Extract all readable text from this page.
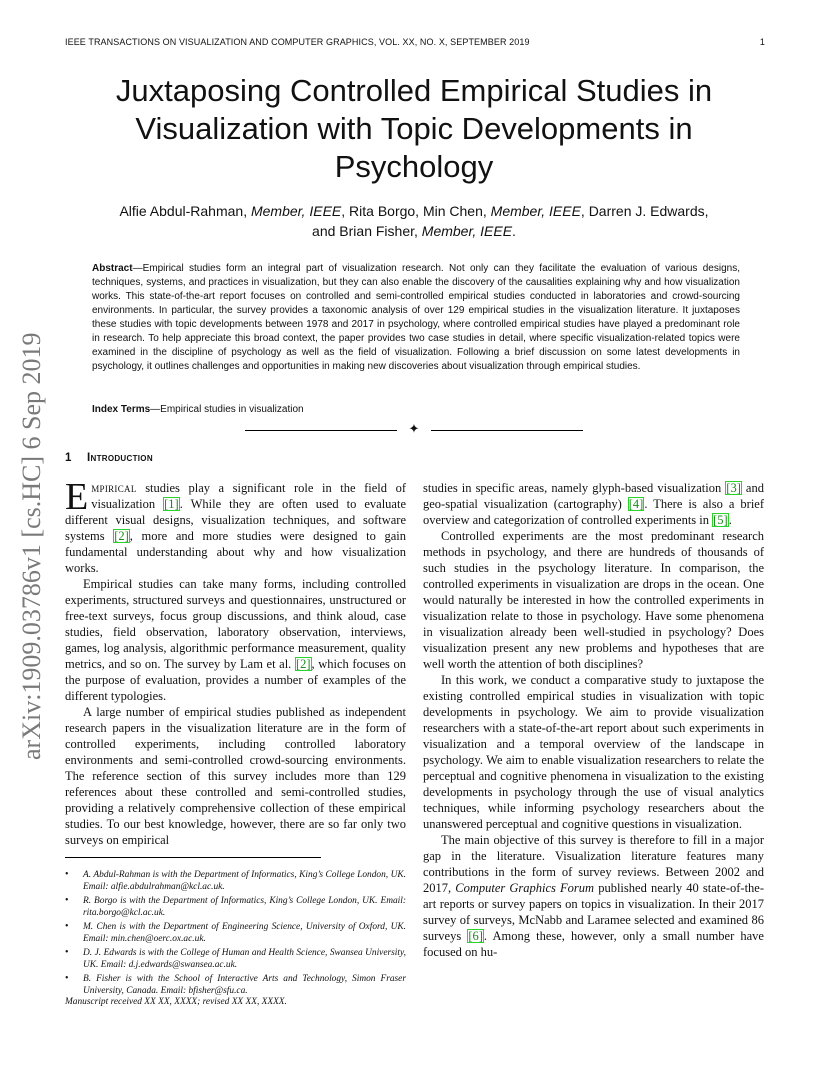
IEEE TRANSACTIONS ON VISUALIZATION AND COMPUTER GRAPHICS, VOL. XX, NO. X, SEPTEMBER 2019	1
arXiv:1909.03786v1 [cs.HC] 6 Sep 2019
Juxtaposing Controlled Empirical Studies in Visualization with Topic Developments in Psychology
Alfie Abdul-Rahman, Member, IEEE, Rita Borgo, Min Chen, Member, IEEE, Darren J. Edwards,
and Brian Fisher, Member, IEEE.

Abstract—Empirical studies form an integral part of visualization research. Not only can they facilitate the evaluation of various designs, techniques, systems, and practices in visualization, but they can also enable the discovery of the causalities explaining why and how visualization works. This state-of-the-art report focuses on controlled and semi-controlled empirical studies conducted in laboratories and crowd-sourcing environments. In particular, the survey provides a taxonomic analysis of over 129 empirical studies in the visualization literature. It juxtaposes these studies with topic developments between 1978 and 2017 in psychology, where controlled empirical studies have played a predominant role in research. To help appreciate this broad context, the paper provides two case studies in detail, where specific visualization-related topics were examined in the discipline of psychology as well as the field of visualization. Following a brief discussion on some latest developments in psychology, it outlines challenges and opportunities in making new discoveries about visualization through empirical studies.

Index Terms—Empirical studies in visualization

✦
1 Introduction

Empirical studies play a significant role in the field of visualization [1]. While they are often used to evaluate different visual designs, visualization techniques, and software systems [2], more and more studies were designed to gain fundamental understanding about why and how visualization works.

Empirical studies can take many forms, including controlled experiments, structured surveys and questionnaires, unstructured or free-text surveys, focus group discussions, and think aloud, case studies, field observation, laboratory observation, interviews, games, log analysis, algorithmic performance measurement, quality metrics, and so on. The survey by Lam et al. [2], which focuses on the purpose of evaluation, provides a number of examples of the different typologies.

A large number of empirical studies published as independent research papers in the visualization literature are in the form of controlled experiments, including controlled laboratory environments and semi-controlled crowd-sourcing environments. The reference section of this survey includes more than 129 references about these controlled and semi-controlled studies, providing a relatively comprehensive collection of these empirical studies. To our best knowledge, however, there are so far only two surveys on empirical

studies in specific areas, namely glyph-based visualization [3] and geo-spatial visualization (cartography) [4]. There is also a brief overview and categorization of controlled experiments in [5].

Controlled experiments are the most predominant research methods in psychology, and there are hundreds of thousands of such studies in the psychology literature. In comparison, the controlled experiments in visualization are drops in the ocean. One would naturally be interested in how the controlled experiments in visualization relate to those in psychology. Have some phenomena in visualization already been well-studied in psychology? Does visualization present any new problems and hypotheses that are well worth the attention of both disciplines?

In this work, we conduct a comparative study to juxtapose the existing controlled empirical studies in visualization with topic developments in psychology. We aim to provide visualization researchers with a state-of-the-art report about such experiments in visualization and a temporal overview of the landscape in psychology. We aim to enable visualization researchers to relate the perceptual and cognitive phenomena in visualization to the existing developments in psychology through the use of visual analytics techniques, while informing psychology researchers about the unanswered perceptual and cognitive questions in visualization.

The main objective of this survey is therefore to fill in a major gap in the literature. Visualization literature features many contributions in the form of survey reviews. Between 2002 and 2017, Computer Graphics Forum published nearly 40 state-of-the-art reports or survey papers on topics in visualization. In their 2017 survey of surveys, McNabb and Laramee selected and examined 86 surveys [6]. Among these, however, only a small number have focused on hu-

• A. Abdul-Rahman is with the Department of Informatics, King’s College London, UK. Email: alfie.abdulrahman@kcl.ac.uk.
• R. Borgo is with the Department of Informatics, King’s College London, UK. Email: rita.borgo@kcl.ac.uk.
• M. Chen is with the Department of Engineering Science, University of Oxford, UK. Email: min.chen@oerc.ox.ac.uk.
• D. J. Edwards is with the College of Human and Health Science, Swansea University, UK. Email: d.j.edwards@swansea.ac.uk.
• B. Fisher is with the School of Interactive Arts and Technology, Simon Fraser University, Canada. Email: bfisher@sfu.ca.
Manuscript received XX XX, XXXX; revised XX XX, XXXX.
